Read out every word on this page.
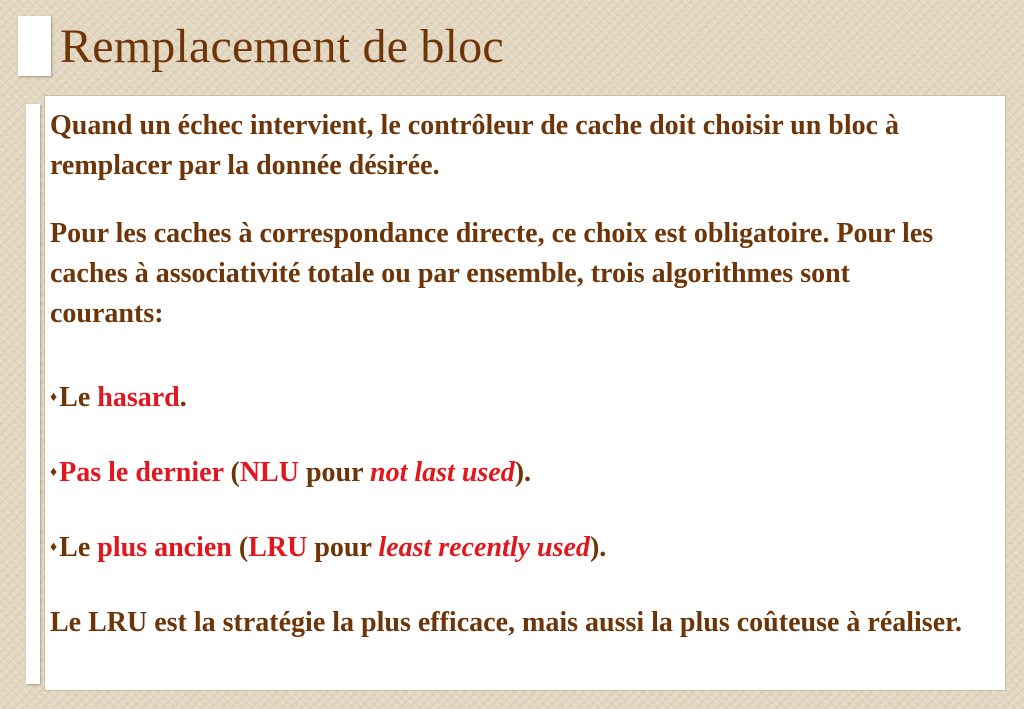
Remplacement de bloc

Quand un échec intervient, le contrôleur de cache doit choisir un bloc à remplacer par la donnée désirée.

Pour les caches à correspondance directe, ce choix est obligatoire. Pour les caches à associativité totale ou par ensemble, trois algorithmes sont courants:

♦Le hasard.

♦Pas le dernier (NLU pour not last used).

♦Le plus ancien (LRU pour least recently used).

Le LRU est la stratégie la plus efficace, mais aussi la plus coûteuse à réaliser.
